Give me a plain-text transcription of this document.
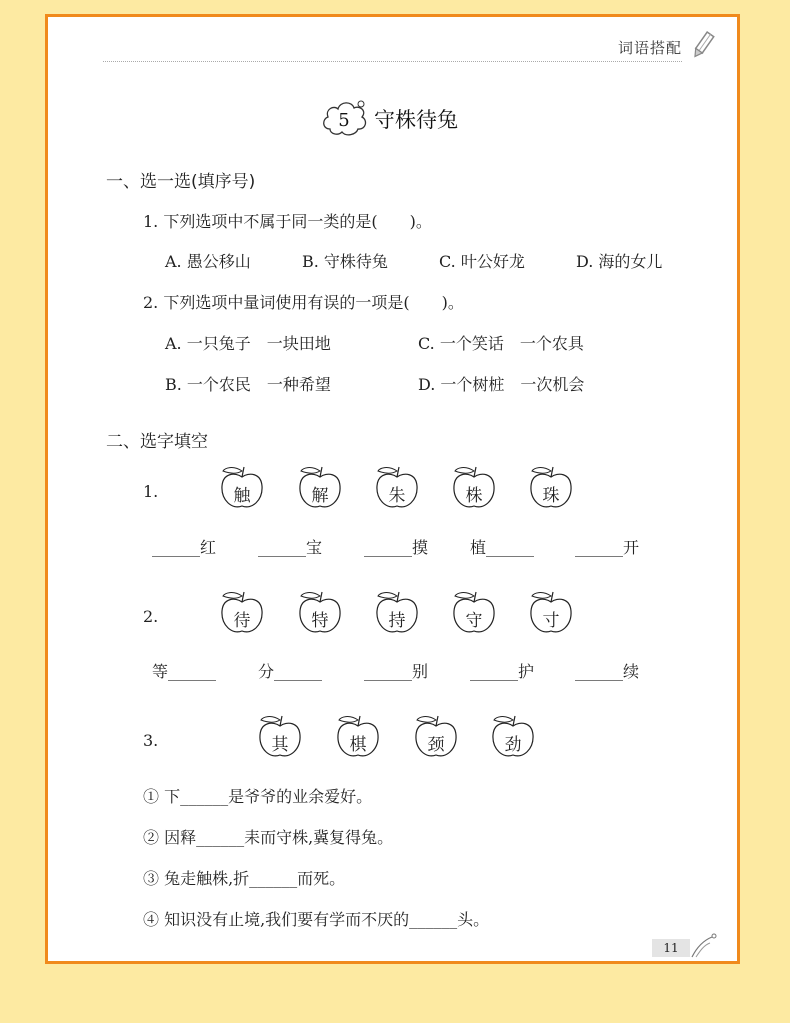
词语搭配
5 守株待兔
一、选一选(填序号)
1. 下列选项中不属于同一类的是(　　)。
A. 愚公移山	B. 守株待兔	C. 叶公好龙	D. 海的女儿
2. 下列选项中量词使用有误的一项是(　　)。
A. 一只兔子　一块田地	C. 一个笑话　一个农具
B. 一个农民　一种希望	D. 一个树桩　一次机会
二、选字填空
1.	触	解	朱	株	珠
______红	______宝	______摸	植______	______开
2.	待	特	持	守	寸
等______	分______	______别	______护	______续
3.	其	棋	颈	劲
① 下______是爷爷的业余爱好。
② 因释______耒而守株,冀复得兔。
③ 兔走触株,折______而死。
④ 知识没有止境,我们要有学而不厌的______头。
11
